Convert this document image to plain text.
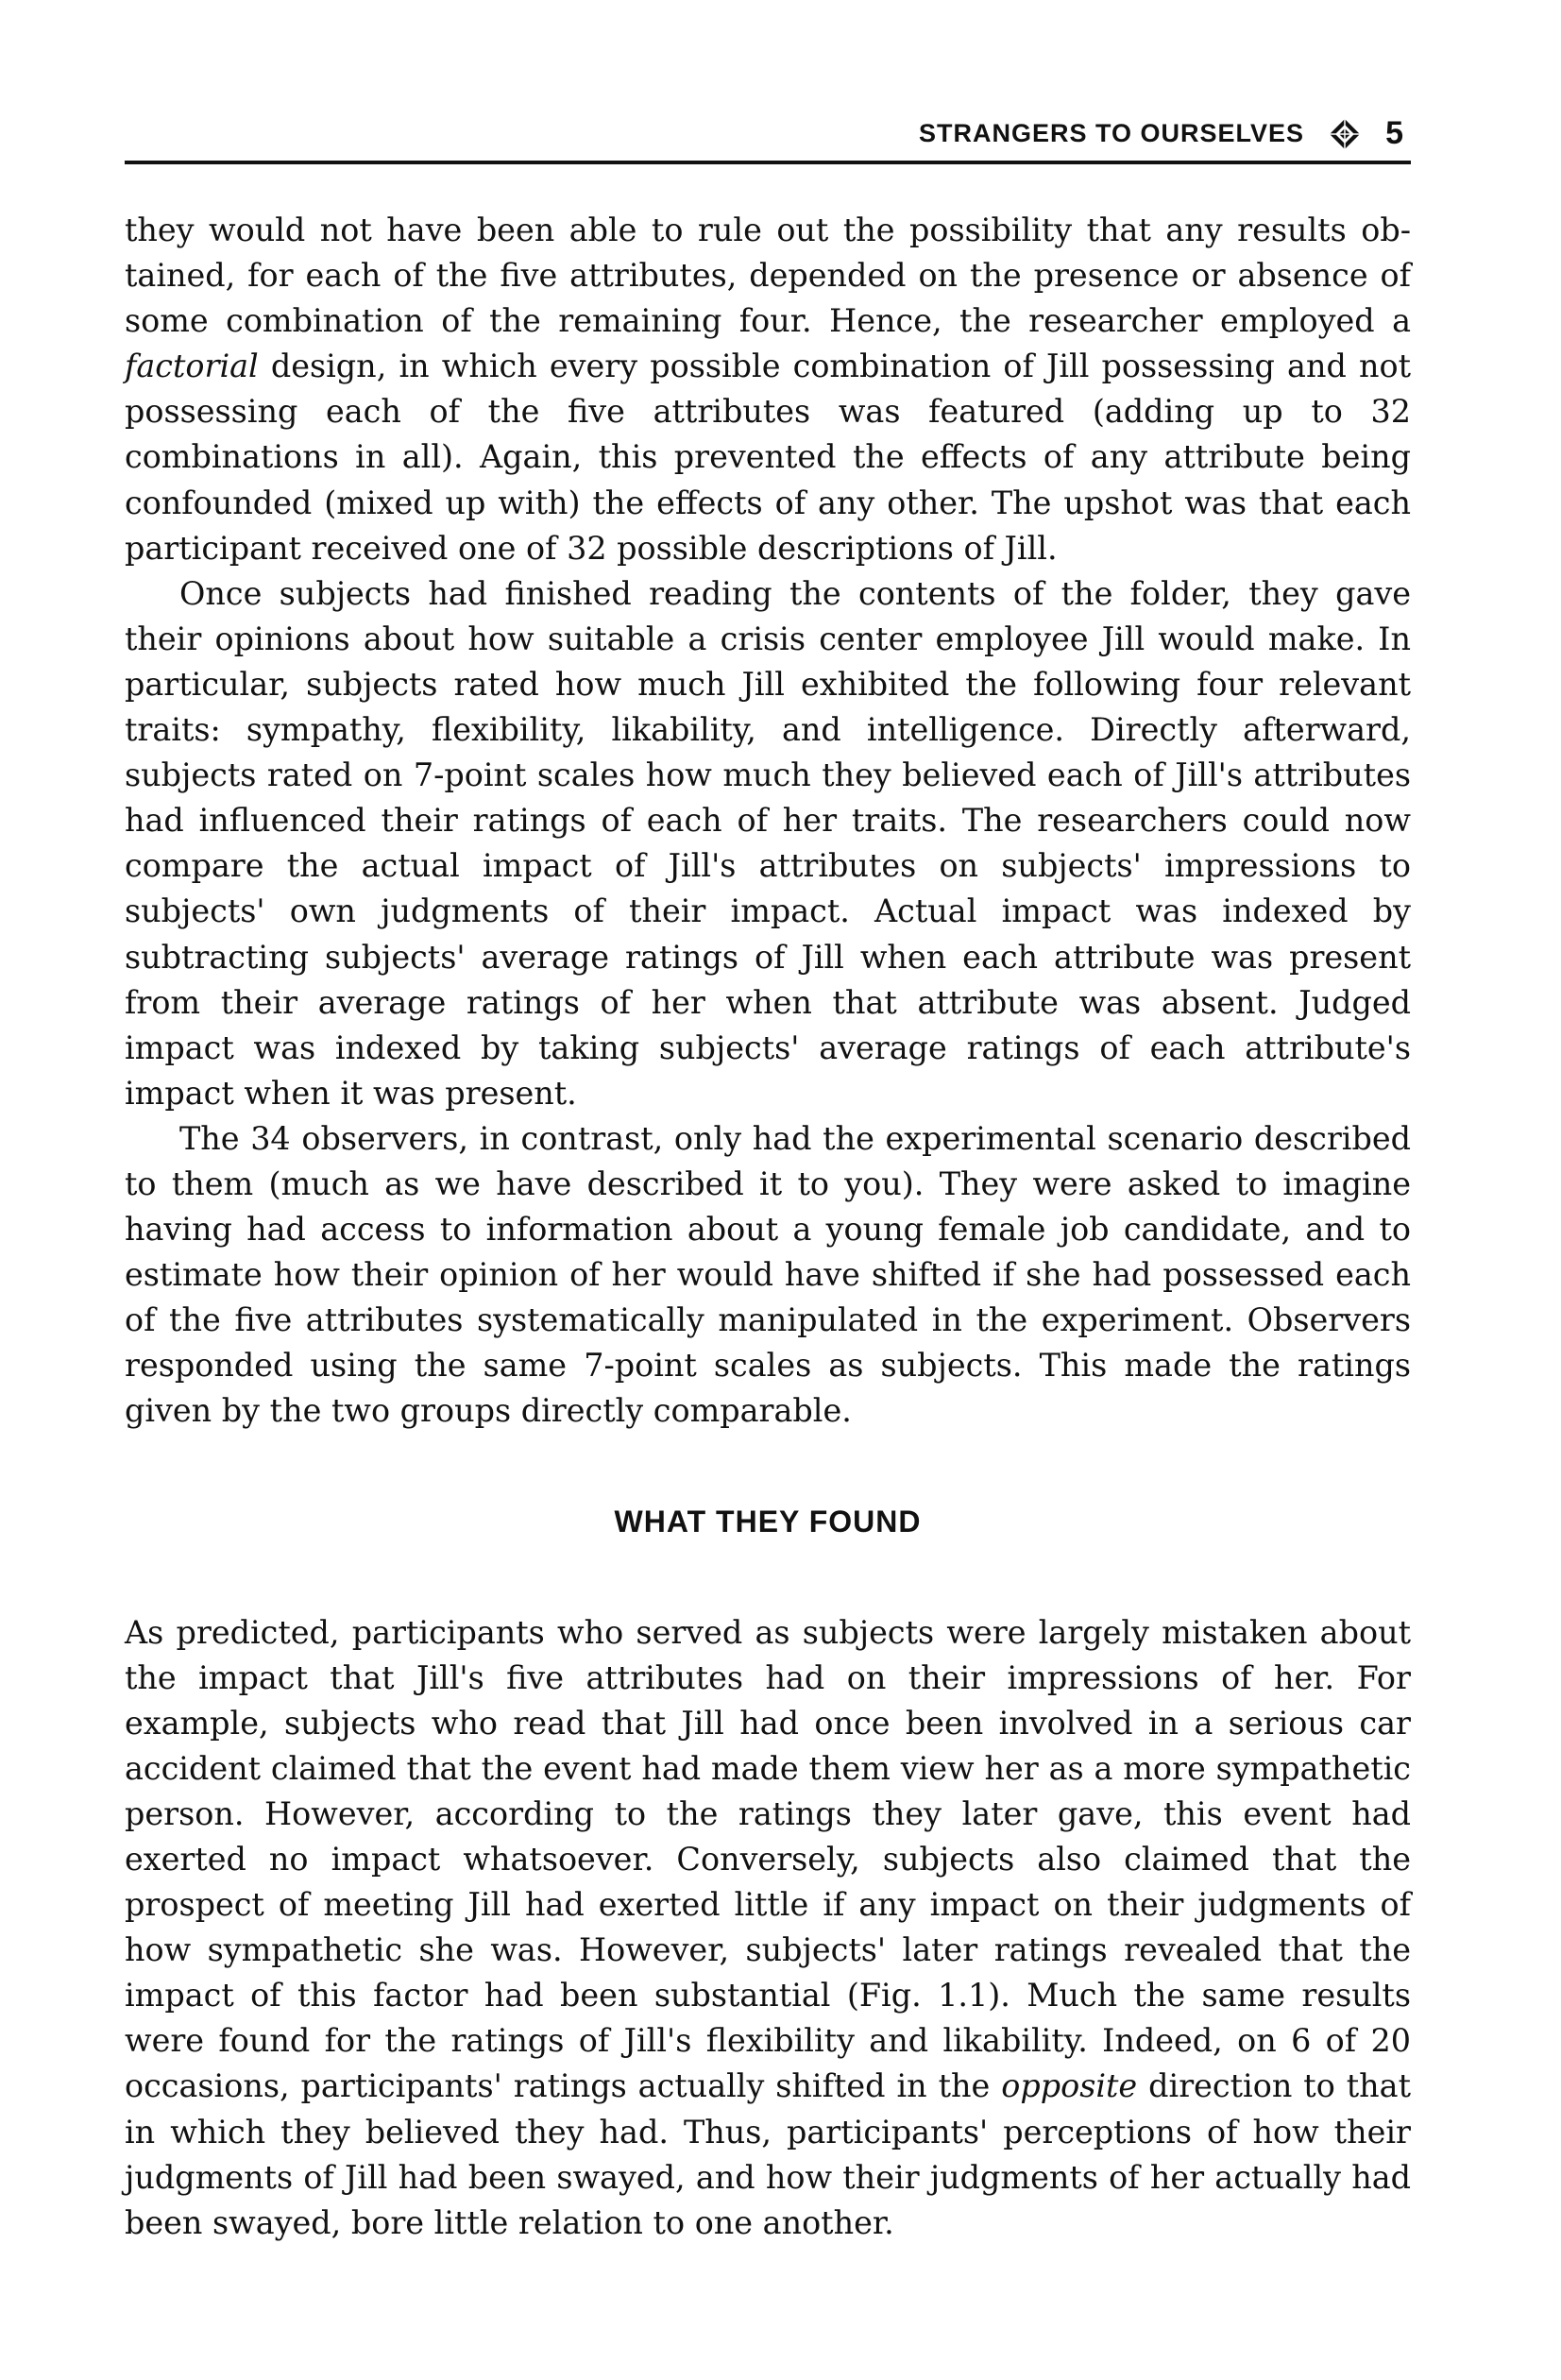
STRANGERS TO OURSELVES	5

they would not have been able to rule out the possibility that any results obtained, for each of the five attributes, depended on the presence or absence of some combination of the remaining four. Hence, the researcher employed a factorial design, in which every possible combination of Jill possessing and not possessing each of the five attributes was featured (adding up to 32 combinations in all). Again, this prevented the effects of any attribute being confounded (mixed up with) the effects of any other. The upshot was that each participant received one of 32 possible descriptions of Jill.

Once subjects had finished reading the contents of the folder, they gave their opinions about how suitable a crisis center employee Jill would make. In particular, subjects rated how much Jill exhibited the following four relevant traits: sympathy, flexibility, likability, and intelligence. Directly afterward, subjects rated on 7-point scales how much they believed each of Jill's attributes had influenced their ratings of each of her traits. The researchers could now compare the actual impact of Jill's attributes on subjects' impressions to subjects' own judgments of their impact. Actual impact was indexed by subtracting subjects' average ratings of Jill when each attribute was present from their average ratings of her when that attribute was absent. Judged impact was indexed by taking subjects' average ratings of each attribute's impact when it was present.

The 34 observers, in contrast, only had the experimental scenario described to them (much as we have described it to you). They were asked to imagine having had access to information about a young female job candidate, and to estimate how their opinion of her would have shifted if she had possessed each of the five attributes systematically manipulated in the experiment. Observers responded using the same 7-point scales as subjects. This made the ratings given by the two groups directly comparable.

WHAT THEY FOUND

As predicted, participants who served as subjects were largely mistaken about the impact that Jill's five attributes had on their impressions of her. For example, subjects who read that Jill had once been involved in a serious car accident claimed that the event had made them view her as a more sympathetic person. However, according to the ratings they later gave, this event had exerted no impact whatsoever. Conversely, subjects also claimed that the prospect of meeting Jill had exerted little if any impact on their judgments of how sympathetic she was. However, subjects' later ratings revealed that the impact of this factor had been substantial (Fig. 1.1). Much the same results were found for the ratings of Jill's flexibility and likability. Indeed, on 6 of 20 occasions, participants' ratings actually shifted in the opposite direction to that in which they believed they had. Thus, participants' perceptions of how their judgments of Jill had been swayed, and how their judgments of her actually had been swayed, bore little relation to one another.
